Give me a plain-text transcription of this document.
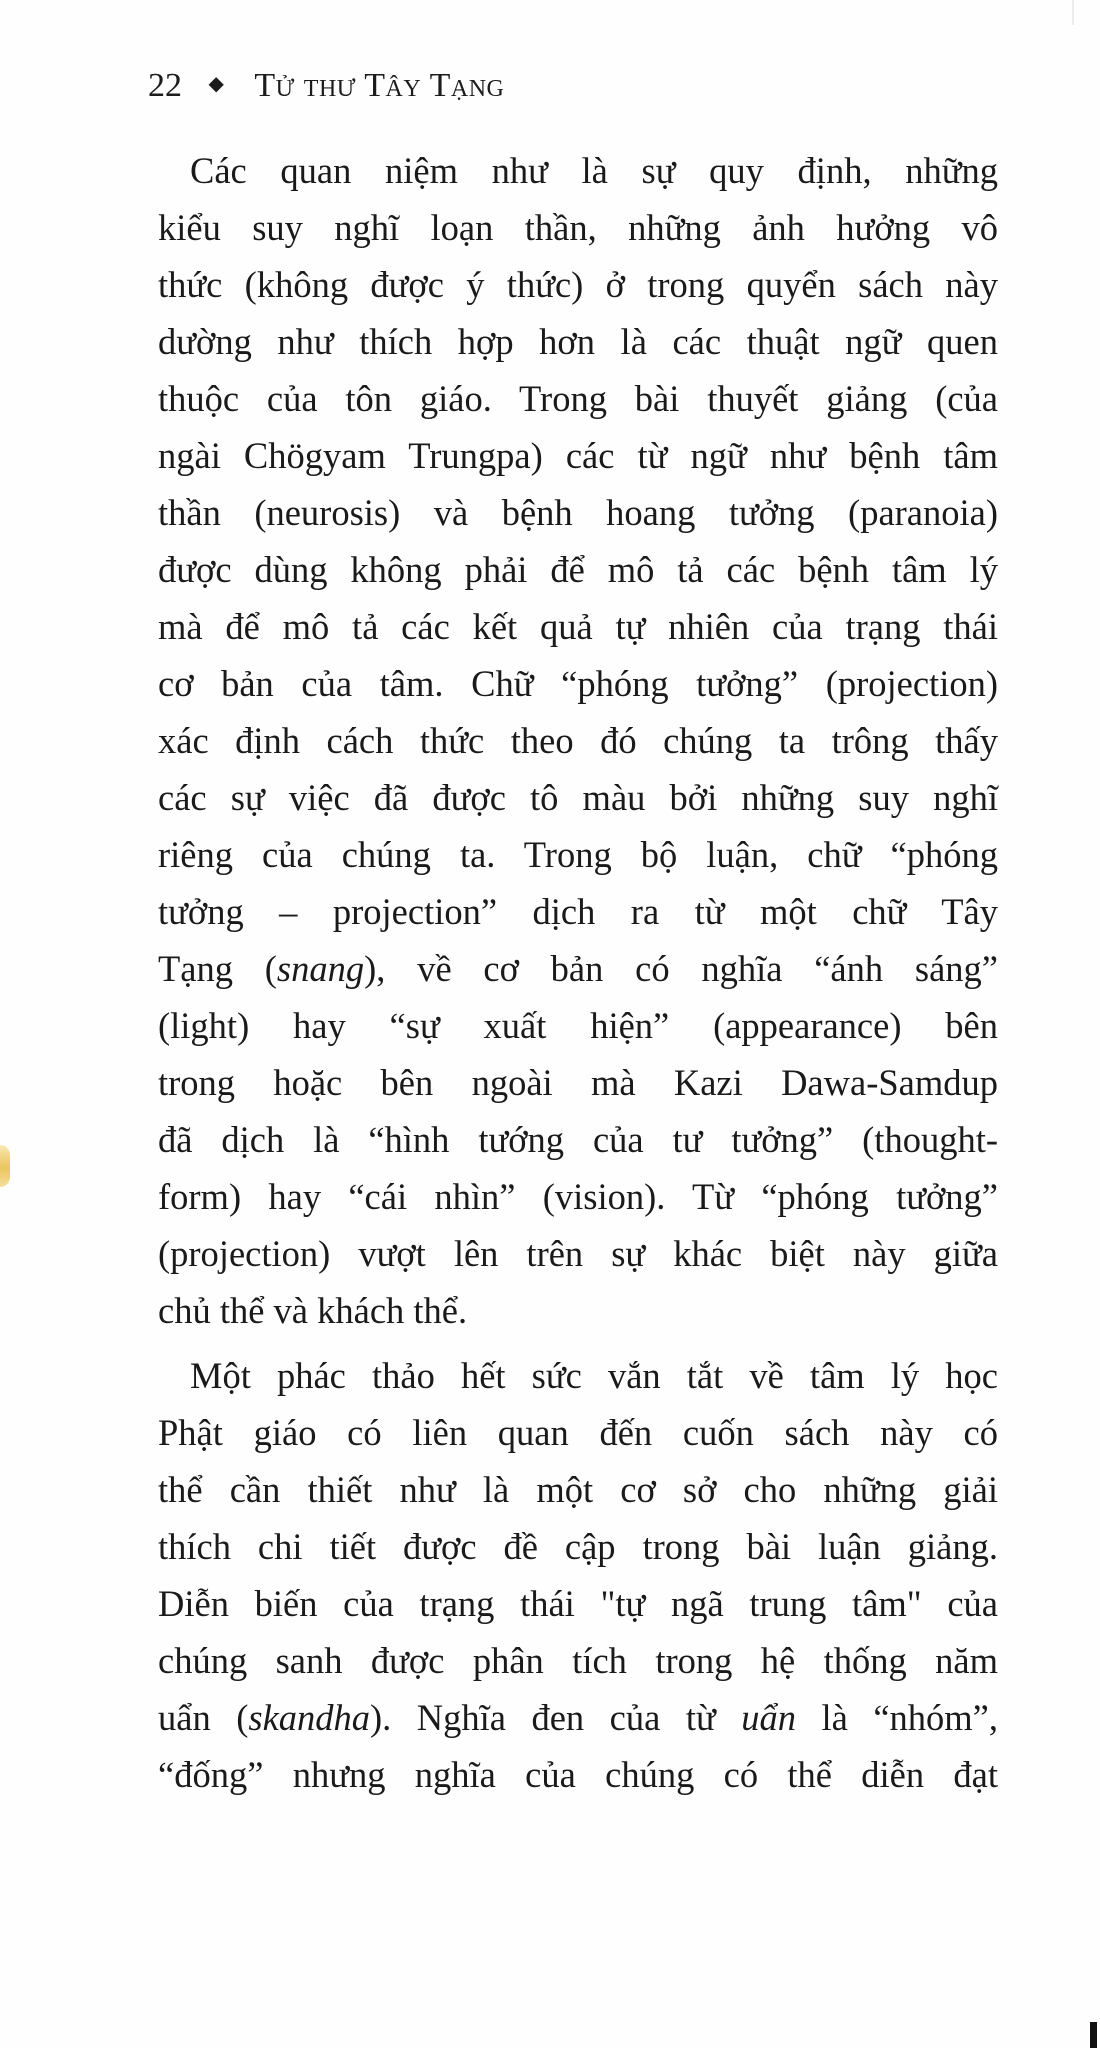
22 ◆ Tử thư Tây Tạng
Các quan niệm như là sự quy định, những
kiểu suy nghĩ loạn thần, những ảnh hưởng vô
thức (không được ý thức) ở trong quyển sách này
dường như thích hợp hơn là các thuật ngữ quen
thuộc của tôn giáo. Trong bài thuyết giảng (của
ngài Chögyam Trungpa) các từ ngữ như bệnh tâm
thần (neurosis) và bệnh hoang tưởng (paranoia)
được dùng không phải để mô tả các bệnh tâm lý
mà để mô tả các kết quả tự nhiên của trạng thái
cơ bản của tâm. Chữ “phóng tưởng” (projection)
xác định cách thức theo đó chúng ta trông thấy
các sự việc đã được tô màu bởi những suy nghĩ
riêng của chúng ta. Trong bộ luận, chữ “phóng
tưởng – projection” dịch ra từ một chữ Tây
Tạng (snang), về cơ bản có nghĩa “ánh sáng”
(light) hay “sự xuất hiện” (appearance) bên
trong hoặc bên ngoài mà Kazi Dawa-Samdup
đã dịch là “hình tướng của tư tưởng” (thought-
form) hay “cái nhìn” (vision). Từ “phóng tưởng”
(projection) vượt lên trên sự khác biệt này giữa
chủ thể và khách thể.
Một phác thảo hết sức vắn tắt về tâm lý học
Phật giáo có liên quan đến cuốn sách này có
thể cần thiết như là một cơ sở cho những giải
thích chi tiết được đề cập trong bài luận giảng.
Diễn biến của trạng thái "tự ngã trung tâm" của
chúng sanh được phân tích trong hệ thống năm
uẩn (skandha). Nghĩa đen của từ uẩn là “nhóm”,
“đống” nhưng nghĩa của chúng có thể diễn đạt
